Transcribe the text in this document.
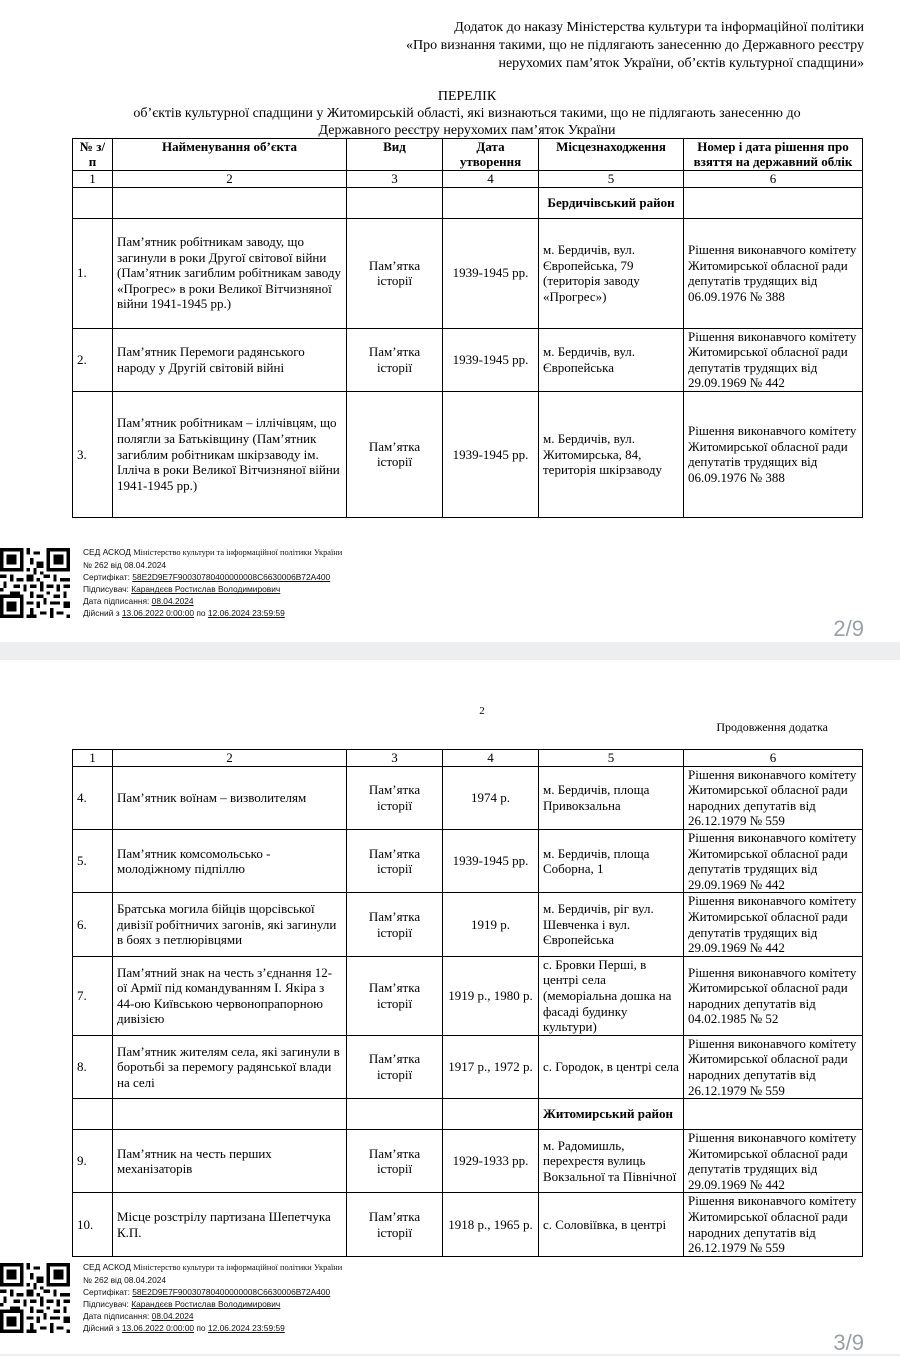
Додаток до наказу Міністерства культури та інформаційної політики
«Про визнання такими, що не підлягають занесенню до Державного реєстру
нерухомих пам’яток України, об’єктів культурної спадщини»
ПЕРЕЛІК
об’єктів культурної спадщини у Житомирській області, які визнаються такими, що не підлягають занесенню до
Державного реєстру нерухомих пам’яток України
№ з/п	Найменування об’єкта	Вид	Дата утворення	Місцезнаходження	Номер і дата рішення про взяття на державний облік
1	2	3	4	5	6
				Бердичівський район	
1.	Пам’ятник робітникам заводу, що загинули в роки Другої світової війни (Пам’ятник загиблим робітникам заводу «Прогрес» в роки Великої Вітчизняної війни 1941-1945 рр.)	Пам’ятка історії	1939-1945 рр.	м. Бердичів, вул. Європейська, 79 (територія заводу «Прогрес»)	Рішення виконавчого комітету Житомирської обласної ради депутатів трудящих від 06.09.1976 № 388
2.	Пам’ятник Перемоги радянського народу у Другій світовій війні	Пам’ятка історії	1939-1945 рр.	м. Бердичів, вул. Європейська	Рішення виконавчого комітету Житомирської обласної ради депутатів трудящих від 29.09.1969 № 442
3.	Пам’ятник робітникам – іллічівцям, що полягли за Батьківщину (Пам’ятник загиблим робітникам шкірзаводу ім. Ілліча в роки Великої Вітчизняної війни 1941-1945 рр.)	Пам’ятка історії	1939-1945 рр.	м. Бердичів, вул. Житомирська, 84, територія шкірзаводу	Рішення виконавчого комітету Житомирської обласної ради депутатів трудящих від 06.09.1976 № 388
СЕД АСКОД Міністерство культури та інформаційної політики України
№ 262 від 08.04.2024
Сертифікат: 58E2D9E7F90030780400000008C6630006B72A400
Підписувач: Карандєєв Ростислав Володимирович
Дата підписання: 08.04.2024
Дійсний з 13.06.2022 0:00:00 по 12.06.2024 23:59:59
2/9
2
Продовження додатка
1	2	3	4	5	6
4.	Пам’ятник воїнам – визволителям	Пам’ятка історії	1974 р.	м. Бердичів, площа Привокзальна	Рішення виконавчого комітету Житомирської обласної ради народних депутатів від 26.12.1979 № 559
5.	Пам’ятник комсомольсько - молодіжному підпіллю	Пам’ятка історії	1939-1945 рр.	м. Бердичів, площа Соборна, 1	Рішення виконавчого комітету Житомирської обласної ради депутатів трудящих від 29.09.1969 № 442
6.	Братська могила бійців щорсівської дивізії робітничих загонів, які загинули в боях з петлюрівцями	Пам’ятка історії	1919 р.	м. Бердичів, ріг вул. Шевченка і вул. Європейська	Рішення виконавчого комітету Житомирської обласної ради депутатів трудящих від 29.09.1969 № 442
7.	Пам’ятний знак на честь з’єднання 12-ої Армії під командуванням І. Якіра з 44-ою Київською червонопрапорною дивізією	Пам’ятка історії	1919 р., 1980 р.	с. Бровки Перші, в центрі села (меморіальна дошка на фасаді будинку культури)	Рішення виконавчого комітету Житомирської обласної ради народних депутатів від 04.02.1985 № 52
8.	Пам’ятник жителям села, які загинули в боротьбі за перемогу радянської влади на селі	Пам’ятка історії	1917 р., 1972 р.	с. Городок, в центрі села	Рішення виконавчого комітету Житомирської обласної ради народних депутатів від 26.12.1979 № 559
				Житомирський район	
9.	Пам’ятник на честь перших механізаторів	Пам’ятка історії	1929-1933 рр.	м. Радомишль, перехрестя вулиць Вокзальної та Північної	Рішення виконавчого комітету Житомирської обласної ради депутатів трудящих від 29.09.1969 № 442
10.	Місце розстрілу партизана Шепетчука К.П.	Пам’ятка історії	1918 р., 1965 р.	с. Соловіївка, в центрі	Рішення виконавчого комітету Житомирської обласної ради народних депутатів від 26.12.1979 № 559
СЕД АСКОД Міністерство культури та інформаційної політики України
№ 262 від 08.04.2024
Сертифікат: 58E2D9E7F90030780400000008C6630006B72A400
Підписувач: Карандєєв Ростислав Володимирович
Дата підписання: 08.04.2024
Дійсний з 13.06.2022 0:00:00 по 12.06.2024 23:59:59
3/9
